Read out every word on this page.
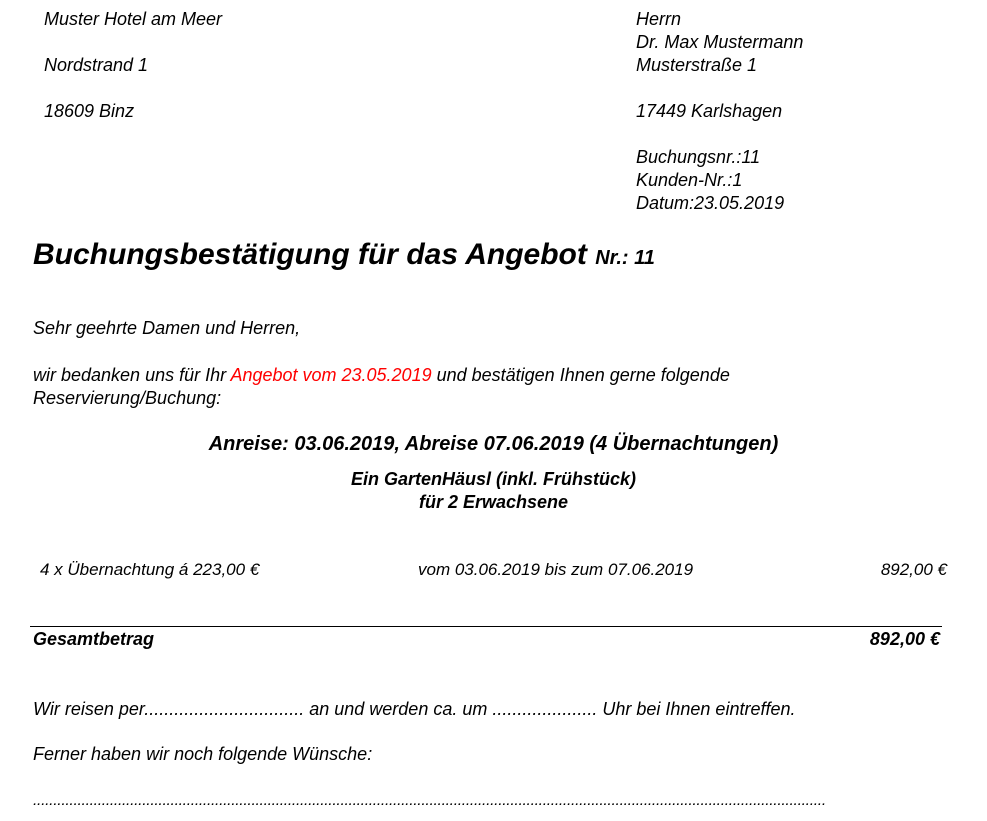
Muster Hotel am Meer
Nordstrand 1
18609 Binz
Herrn
Dr. Max Mustermann
Musterstraße 1
17449 Karlshagen
Buchungsnr.:11
Kunden-Nr.:1
Datum:23.05.2019
Buchungsbestätigung für das Angebot Nr.: 11
Sehr geehrte Damen und Herren,
wir bedanken uns für Ihr Angebot vom 23.05.2019 und bestätigen Ihnen gerne folgende
Reservierung/Buchung:
Anreise: 03.06.2019, Abreise 07.06.2019 (4 Übernachtungen)
Ein GartenHäusl (inkl. Frühstück)
für 2 Erwachsene
4 x Übernachtung á 223,00 €	vom 03.06.2019 bis zum 07.06.2019	892,00 €
Gesamtbetrag	892,00 €
Wir reisen per................................ an und werden ca. um ..................... Uhr bei Ihnen eintreffen.
Ferner haben wir noch folgende Wünsche:
....................................................................................................................................................................................................
